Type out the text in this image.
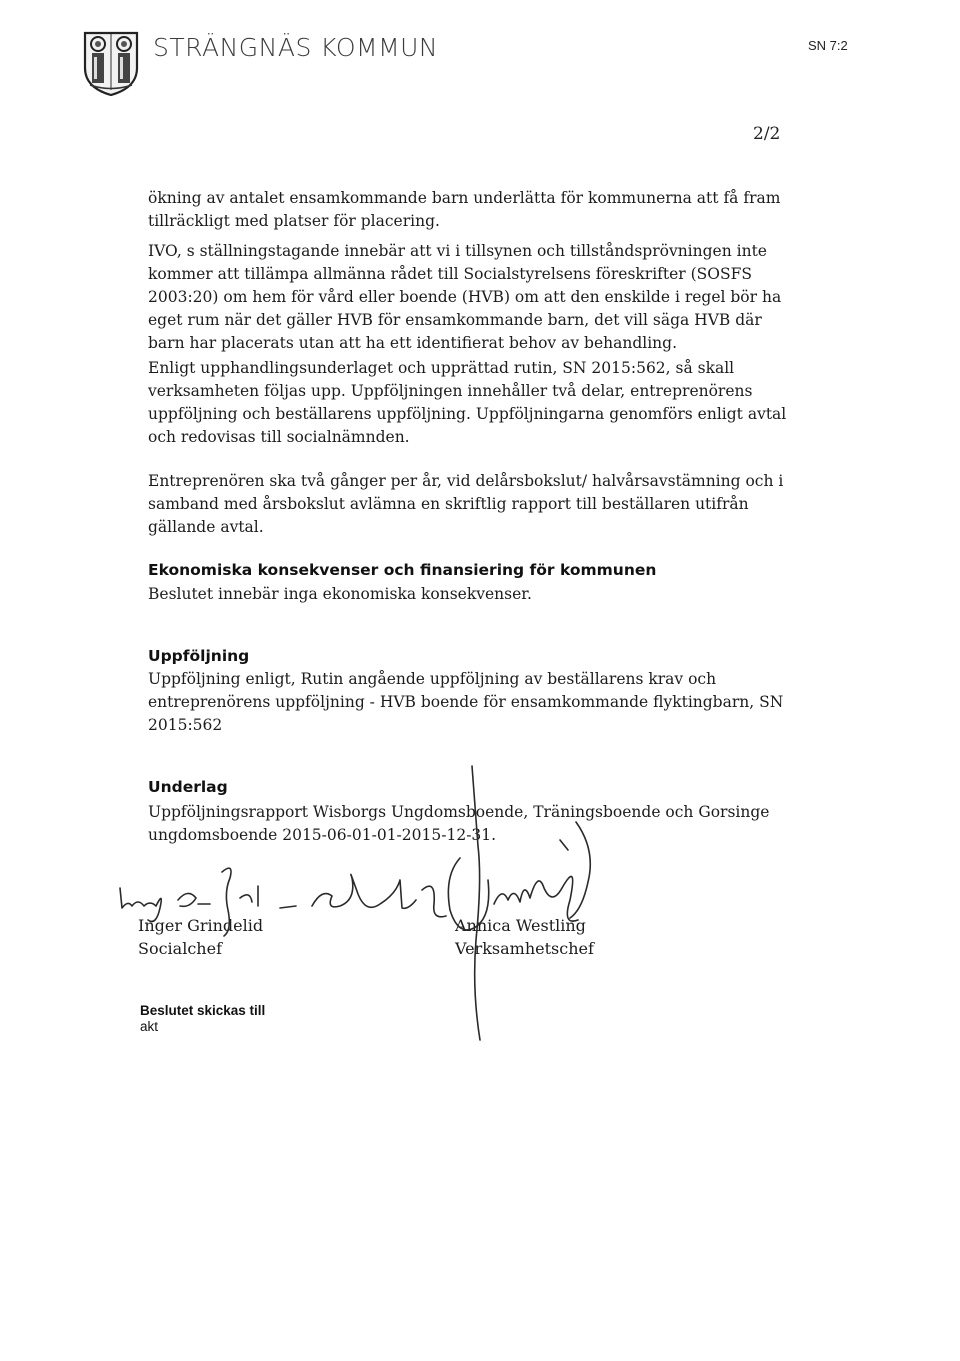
STRÄNGNÄS KOMMUN	SN 7:2
2/2
ökning av antalet ensamkommande barn underlätta för kommunerna att få fram tillräckligt med platser för placering.
IVO, s ställningstagande innebär att vi i tillsynen och tillståndsprövningen inte kommer att tillämpa allmänna rådet till Socialstyrelsens föreskrifter (SOSFS 2003:20) om hem för vård eller boende (HVB) om att den enskilde i regel bör ha eget rum när det gäller HVB för ensamkommande barn, det vill säga HVB där barn har placerats utan att ha ett identifierat behov av behandling.
Enligt upphandlingsunderlaget och upprättad rutin, SN 2015:562, så skall verksamheten följas upp. Uppföljningen innehåller två delar, entreprenörens uppföljning och beställarens uppföljning. Uppföljningarna genomförs enligt avtal och redovisas till socialnämnden.
Entreprenören ska två gånger per år, vid delårsbokslut/ halvårsavstämning och i samband med årsbokslut avlämna en skriftlig rapport till beställaren utifrån gällande avtal.
Ekonomiska konsekvenser och finansiering för kommunen
Beslutet innebär inga ekonomiska konsekvenser.
Uppföljning
Uppföljning enligt, Rutin angående uppföljning av beställarens krav och entreprenörens uppföljning - HVB boende för ensamkommande flyktingbarn, SN 2015:562
Underlag
Uppföljningsrapport Wisborgs Ungdomsboende, Träningsboende och Gorsinge ungdomsboende 2015-06-01-01-2015-12-31.
Inger Grindelid
Socialchef
Annica Westling
Verksamhetschef
Beslutet skickas till
akt
